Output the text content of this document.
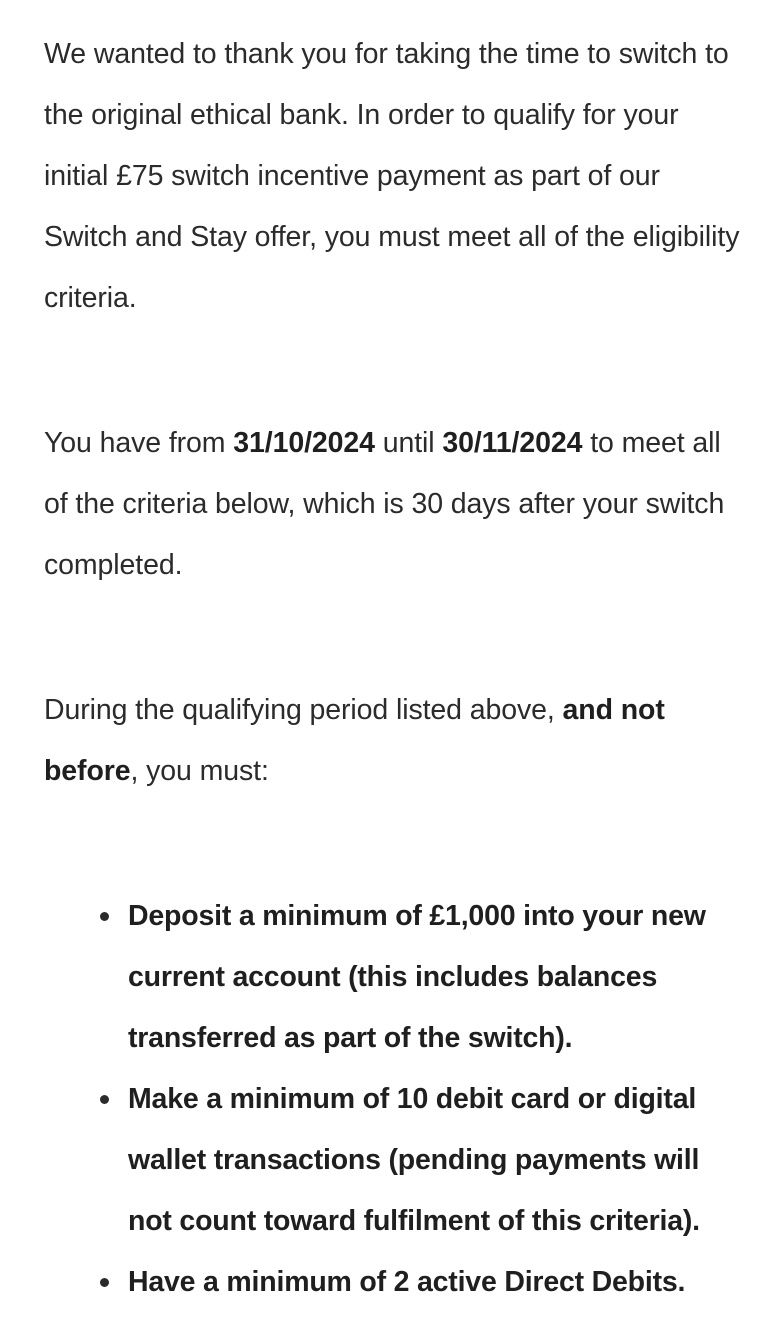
We wanted to thank you for taking the time to switch to the original ethical bank. In order to qualify for your initial £75 switch incentive payment as part of our Switch and Stay offer, you must meet all of the eligibility criteria.

You have from 31/10/2024 until 30/11/2024 to meet all of the criteria below, which is 30 days after your switch completed.

During the qualifying period listed above, and not before, you must:

Deposit a minimum of £1,000 into your new current account (this includes balances transferred as part of the switch).
Make a minimum of 10 debit card or digital wallet transactions (pending payments will not count toward fulfilment of this criteria).
Have a minimum of 2 active Direct Debits.
